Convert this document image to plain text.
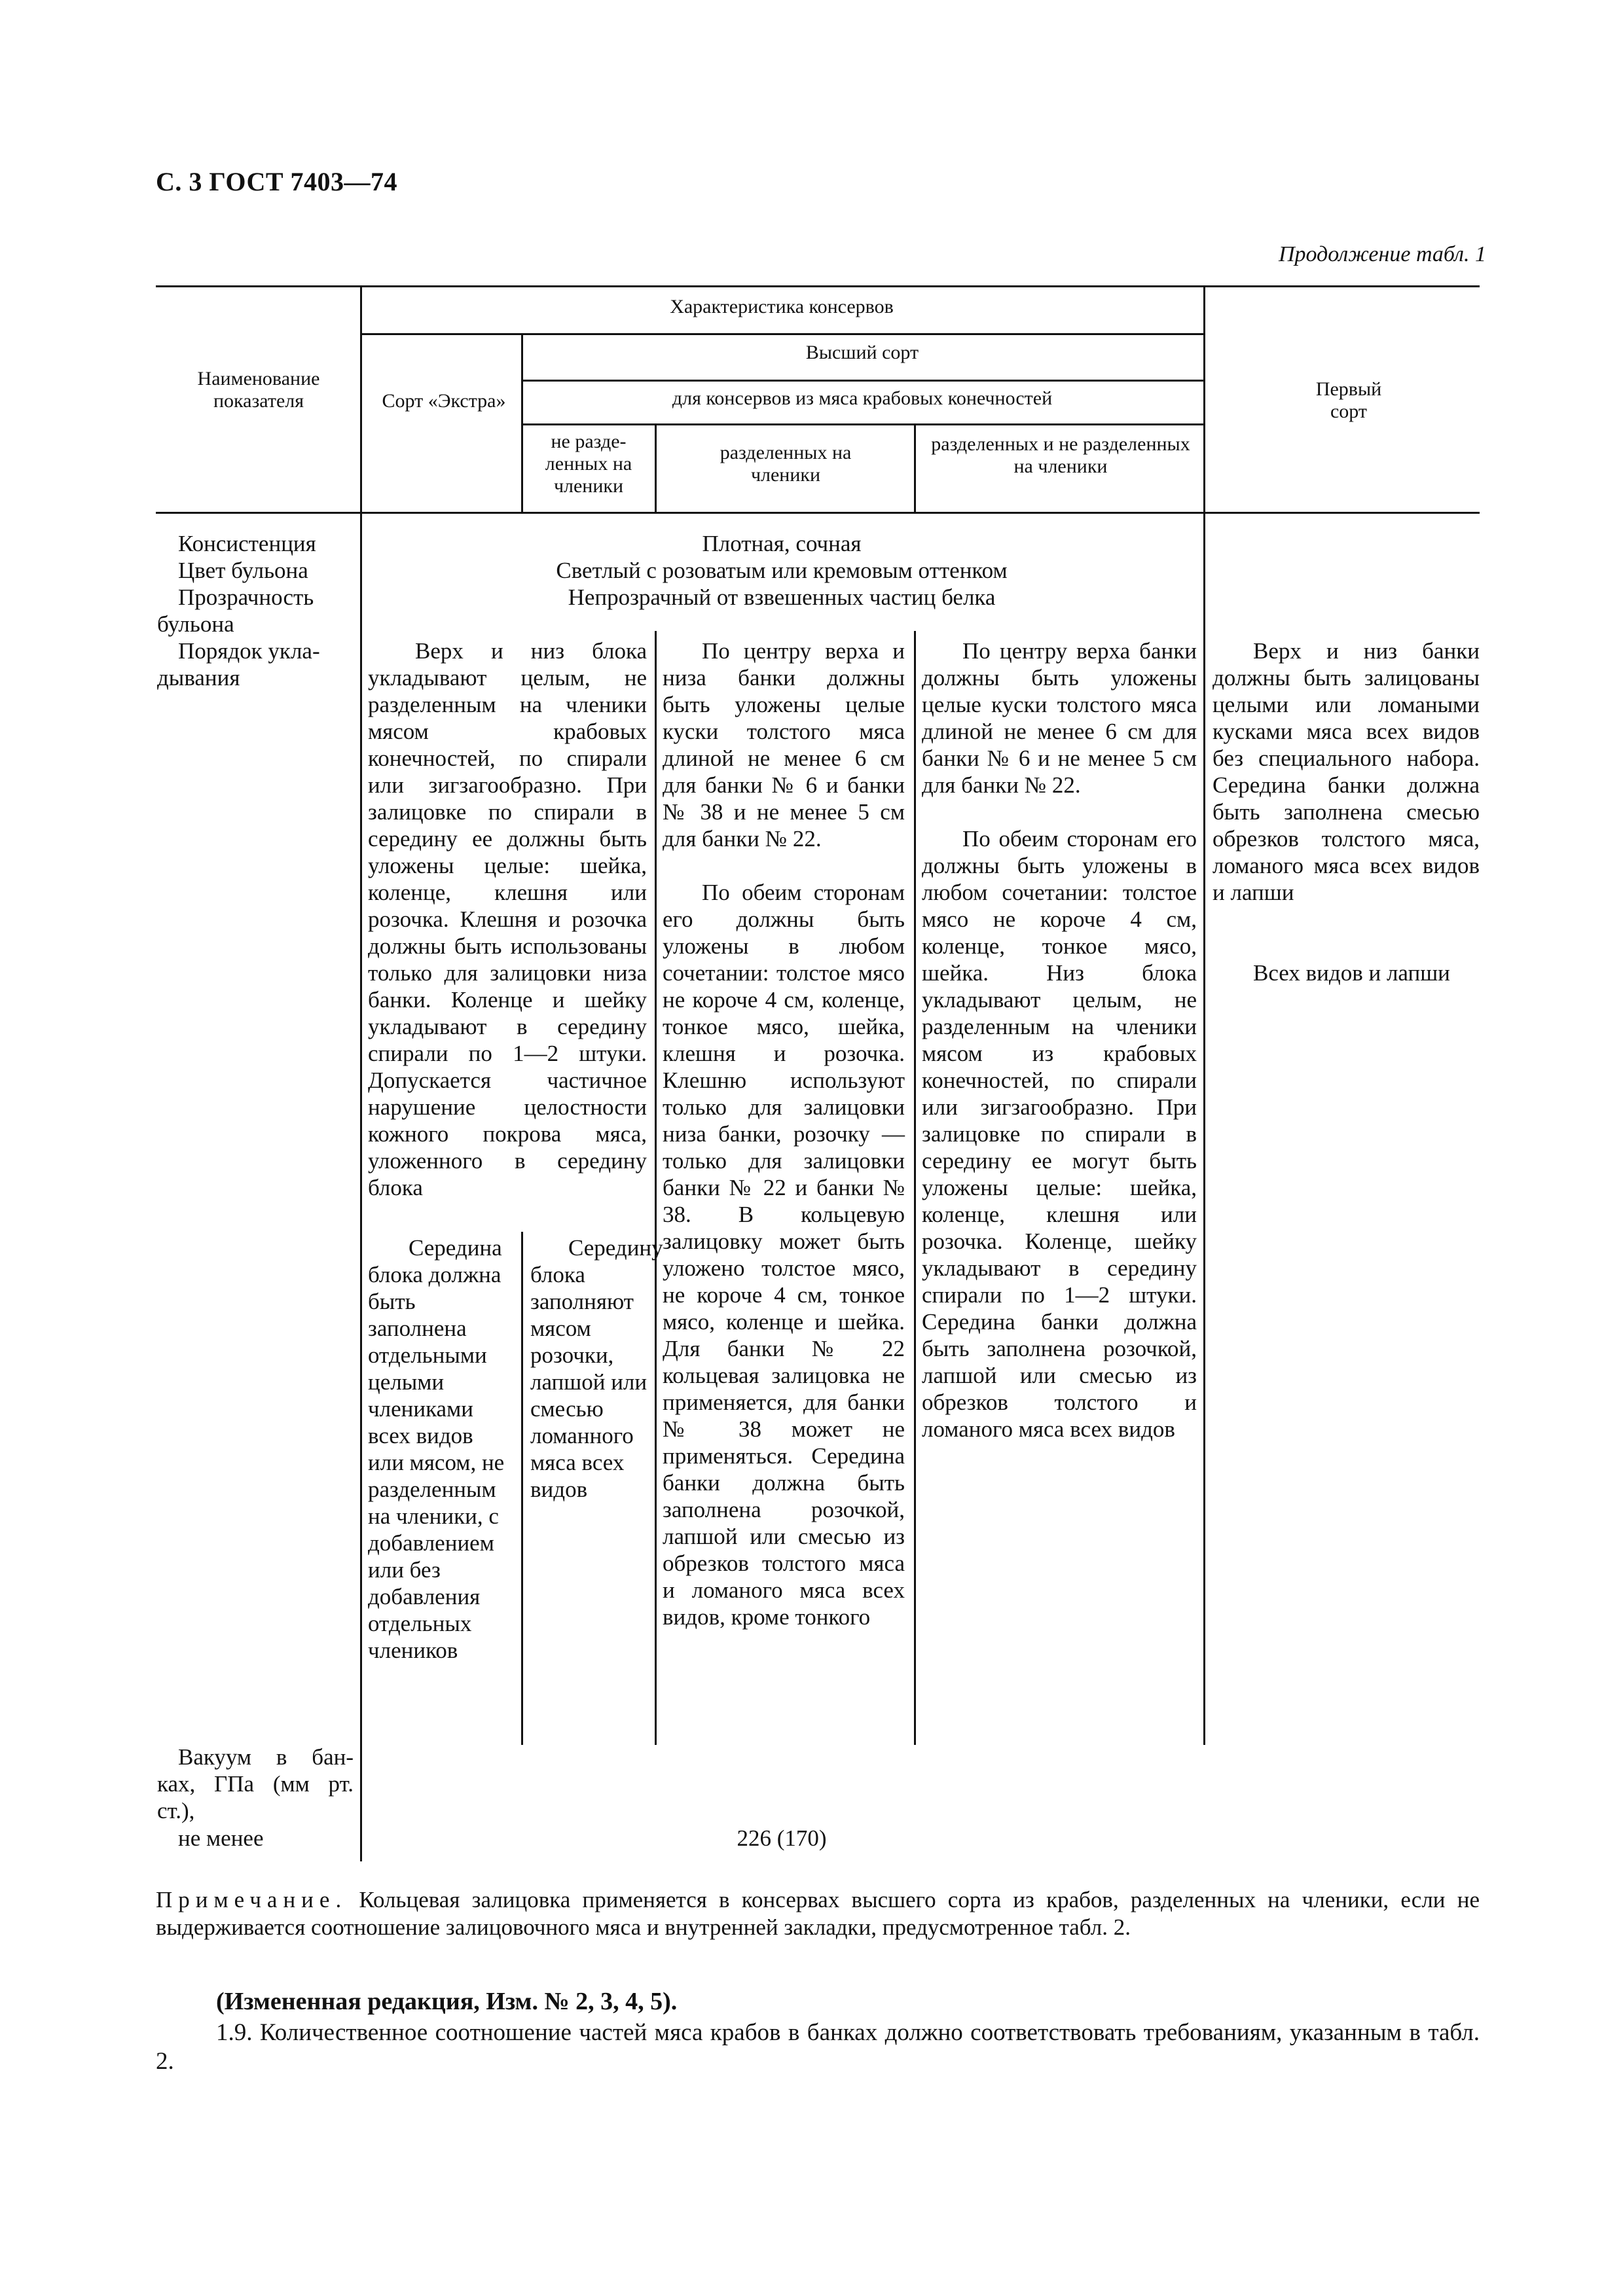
С. 3 ГОСТ 7403—74
Продолжение табл. 1
Наименование показателя
Характеристика консервов
Сорт «Экстра»
Высший сорт
для консервов из мяса крабовых конечностей
не разде-ленных на членики
разделенных на членики
разделенных и не разделенных на членики
Первый сорт
Консистенция
Цвет бульона
Прозрачность бульона
Порядок укла-дывания
Вакуум в бан-ках, ГПа (мм рт. ст.),
не менее
Плотная, сочная
Светлый с розоватым или кремовым оттенком
Непрозрачный от взвешенных частиц белка
226 (170)
Верх и низ блока укладывают целым, не разделенным на членики мясом крабовых конечностей, по спирали или зигзагообразно. При залицовке по спирали в середину ее должны быть уложены целые: шейка, коленце, клешня или розочка. Клешня и розочка должны быть использованы только для залицовки низа банки. Коленце и шейку укладывают в середину спирали по 1—2 штуки. Допускается частичное нарушение целостности кожного покрова мяса, уложенного в середину блока
Середина блока должна быть заполнена отдельными целыми члениками всех видов или мясом, не разделенным на членики, с добавлением или без добавления отдельных члеников
Середину блока заполняют мясом розочки, лапшой или смесью ломанного мяса всех видов
По центру верха и низа банки должны быть уложены целые куски толстого мяса длиной не менее 6 см для банки № 6 и банки № 38 и не менее 5 см для банки № 22.
По обеим сторонам его должны быть уложены в любом сочетании: толстое мясо не короче 4 см, коленце, тонкое мясо, шейка, клешня и розочка. Клешню используют только для залицовки низа банки, розочку — только для залицовки банки № 22 и банки № 38. В кольцевую залицовку может быть уложено толстое мясо, не короче 4 см, тонкое мясо, коленце и шейка. Для банки № 22 кольцевая залицовка не применяется, для банки № 38 может не применяться. Середина банки должна быть заполнена розочкой, лапшой или смесью из обрезков толстого мяса и ломаного мяса всех видов, кроме тонкого
По центру верха банки должны быть уложены целые куски толстого мяса длиной не менее 6 см для банки № 6 и не менее 5 см для банки № 22.
По обеим сторонам его должны быть уложены в любом сочетании: толстое мясо не короче 4 см, коленце, тонкое мясо, шейка. Низ блока укладывают целым, не разделенным на членики мясом из крабовых конечностей, по спирали или зигзагообразно. При залицовке по спирали в середину ее могут быть уложены целые: шейка, коленце, клешня или розочка. Коленце, шейку укладывают в середину спирали по 1—2 штуки. Середина банки должна быть заполнена розочкой, лапшой или смесью из обрезков толстого и ломаного мяса всех видов
Верх и низ банки должны быть залицованы целыми или ломаными кусками мяса всех видов без специального набора. Середина банки должна быть заполнена смесью обрезков толстого мяса, ломаного мяса всех видов и лапши
Всех видов и лапши
Примечание. Кольцевая залицовка применяется в консервах высшего сорта из крабов, разделенных на членики, если не выдерживается соотношение залицовочного мяса и внутренней закладки, предусмотренное табл. 2.
(Измененная редакция, Изм. № 2, 3, 4, 5).
1.9. Количественное соотношение частей мяса крабов в банках должно соответствовать требованиям, указанным в табл. 2.
